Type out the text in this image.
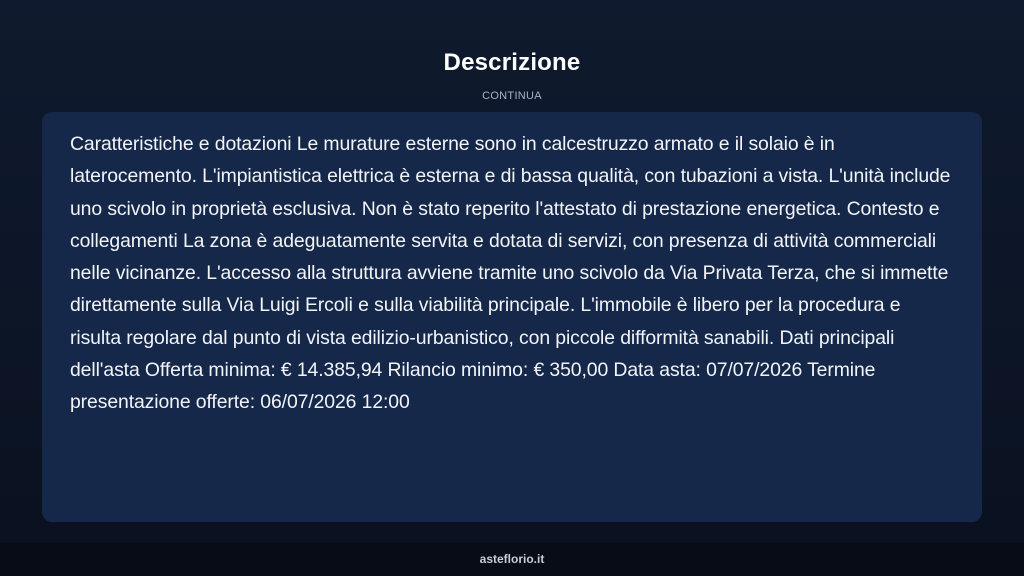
Descrizione
CONTINUA

Caratteristiche e dotazioni Le murature esterne sono in calcestruzzo armato e il solaio è in laterocemento. L'impiantistica elettrica è esterna e di bassa qualità, con tubazioni a vista. L'unità include uno scivolo in proprietà esclusiva. Non è stato reperito l'attestato di prestazione energetica. Contesto e collegamenti La zona è adeguatamente servita e dotata di servizi, con presenza di attività commerciali nelle vicinanze. L'accesso alla struttura avviene tramite uno scivolo da Via Privata Terza, che si immette direttamente sulla Via Luigi Ercoli e sulla viabilità principale. L'immobile è libero per la procedura e risulta regolare dal punto di vista edilizio-urbanistico, con piccole difformità sanabili. Dati principali dell'asta Offerta minima: € 14.385,94 Rilancio minimo: € 350,00 Data asta: 07/07/2026 Termine presentazione offerte: 06/07/2026 12:00

asteflorio.it
